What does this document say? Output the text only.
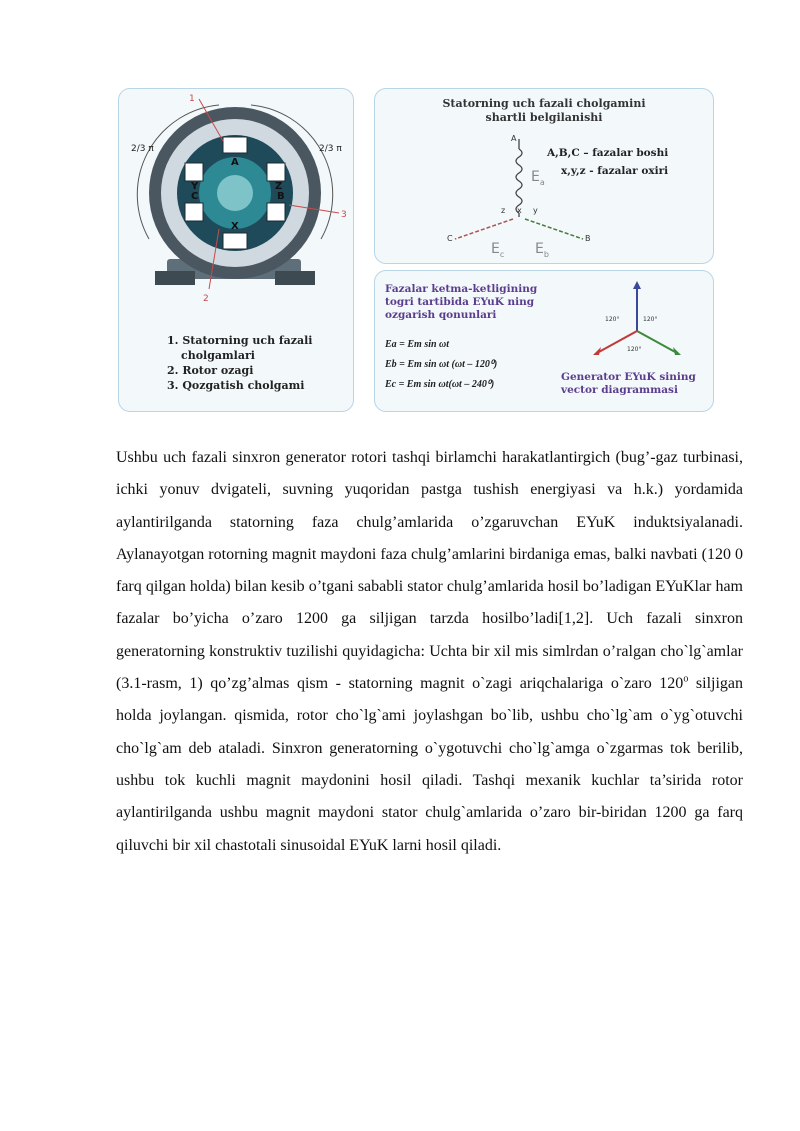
A
B
C
X
Y	Z
2/3 π	2/3 π
1
2
3
1. Statorning uch fazali
cholgamlari
2. Rotor ozagi
3. Qozgatish cholgami
Statorning uch fazali cholgamini
shartli belgilanishi
A,B,C – fazalar boshi
x,y,z - fazalar oxiri
A
C	B
z x y
$E_a$
$E_b$
$E_c$
Fazalar ketma-ketligining
togri tartibida EYuK ning
ozgarish qonunlari
Ea = Em sin ωt
Eb = Em sin ωt (ωt – 120⁰)
Ec = Em sin ωt(ωt – 240⁰)
120°	120°
120°
Generator EYuK sining
vector diagrammasi
Ushbu uch fazali sinxron generator rotori tashqi birlamchi harakatlantirgich (bug’-gaz turbinasi, ichki yonuv dvigateli, suvning yuqoridan pastga tushish energiyasi va h.k.) yordamida aylantirilganda statorning faza chulg’amlarida o’zgaruvchan EYuK induktsiyalanadi. Aylanayotgan rotorning magnit maydoni faza chulg’amlarini birdaniga emas, balki navbati (120 0 farq qilgan holda) bilan kesib o’tgani sababli stator chulg’amlarida hosil bo’ladigan EYuKlar ham fazalar bo’yicha o’zaro 1200 ga siljigan tarzda hosilbo’ladi[1,2]. Uch fazali sinxron generatorning konstruktiv tuzilishi quyidagicha: Uchta bir xil mis simlrdan o’ralgan cho`lg`amlar (3.1-rasm, 1) qo’zg’almas qism - statorning magnit o`zagi ariqchalariga o`zaro 120$^o$ siljigan holda joylangan. qismida, rotor cho`lg`ami joylashgan bo`lib, ushbu cho`lg`am o`yg`otuvchi cho`lg`am deb ataladi. Sinxron generatorning o`ygotuvchi cho`lg`amga o`zgarmas tok berilib, ushbu tok kuchli magnit maydonini hosil qiladi. Tashqi mexanik kuchlar ta’sirida rotor aylantirilganda ushbu magnit maydoni stator chulg`amlarida o’zaro bir-biridan 1200 ga farq qiluvchi bir xil chastotali sinusoidal EYuK larni hosil qiladi.
